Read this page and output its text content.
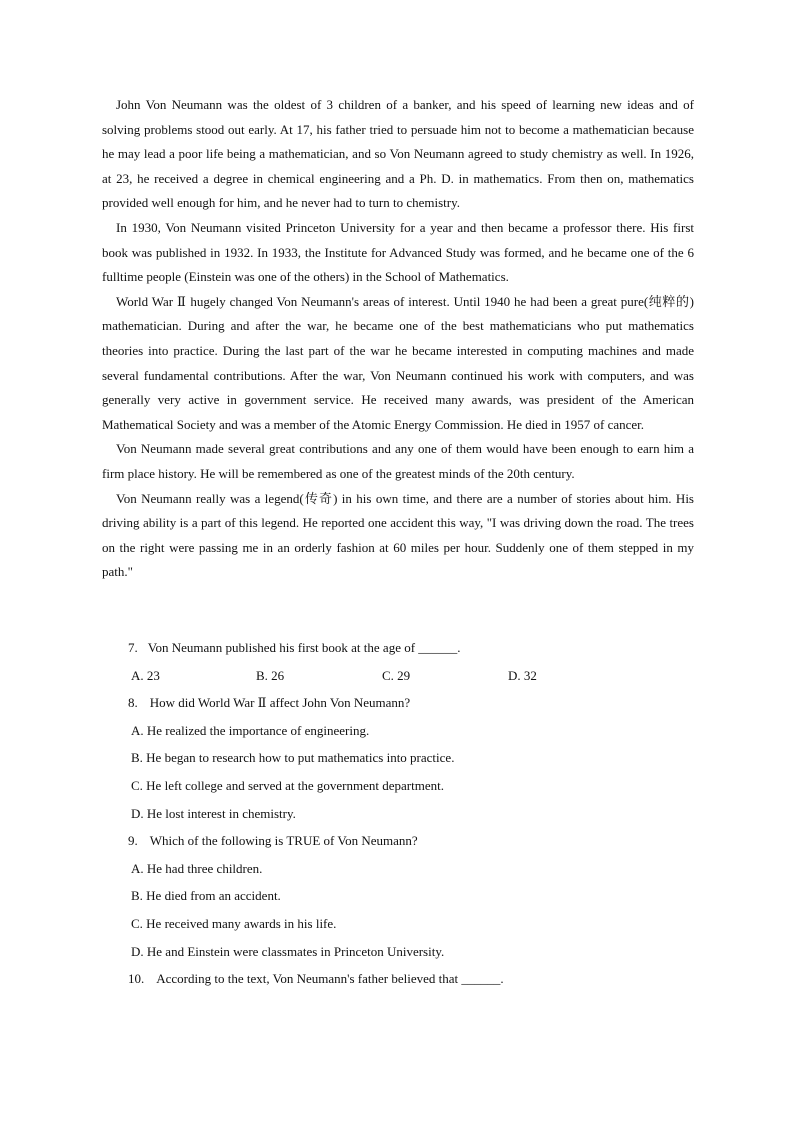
John Von Neumann was the oldest of 3 children of a banker, and his speed of learning new ideas and of solving problems stood out early. At 17, his father tried to persuade him not to become a mathematician because he may lead a poor life being a mathematician, and so Von Neumann agreed to study chemistry as well. In 1926, at 23, he received a degree in chemical engineering and a Ph. D. in mathematics. From then on, mathematics provided well enough for him, and he never had to turn to chemistry.

In 1930, Von Neumann visited Princeton University for a year and then became a professor there. His first book was published in 1932. In 1933, the Institute for Advanced Study was formed, and he became one of the 6 fulltime people (Einstein was one of the others) in the School of Mathematics.

World War Ⅱ hugely changed Von Neumann's areas of interest. Until 1940 he had been a great pure(纯粹的) mathematician. During and after the war, he became one of the best mathematicians who put mathematics theories into practice. During the last part of the war he became interested in computing machines and made several fundamental contributions. After the war, Von Neumann continued his work with computers, and was generally very active in government service. He received many awards, was president of the American Mathematical Society and was a member of the Atomic Energy Commission. He died in 1957 of cancer.

Von Neumann made several great contributions and any one of them would have been enough to earn him a firm place history. He will be remembered as one of the greatest minds of the 20th century.

Von Neumann really was a legend(传奇) in his own time, and there are a number of stories about him. His driving ability is a part of this legend. He reported one accident this way, "I was driving down the road. The trees on the right were passing me in an orderly fashion at 60 miles per hour. Suddenly one of them stepped in my path."

7. Von Neumann published his first book at the age of ______.
A. 23	B. 26	C. 29	D. 32
8. How did World War Ⅱ affect John Von Neumann?
A. He realized the importance of engineering.
B. He began to research how to put mathematics into practice.
C. He left college and served at the government department.
D. He lost interest in chemistry.
9. Which of the following is TRUE of Von Neumann?
A. He had three children.
B. He died from an accident.
C. He received many awards in his life.
D. He and Einstein were classmates in Princeton University.
10. According to the text, Von Neumann's father believed that ______.
